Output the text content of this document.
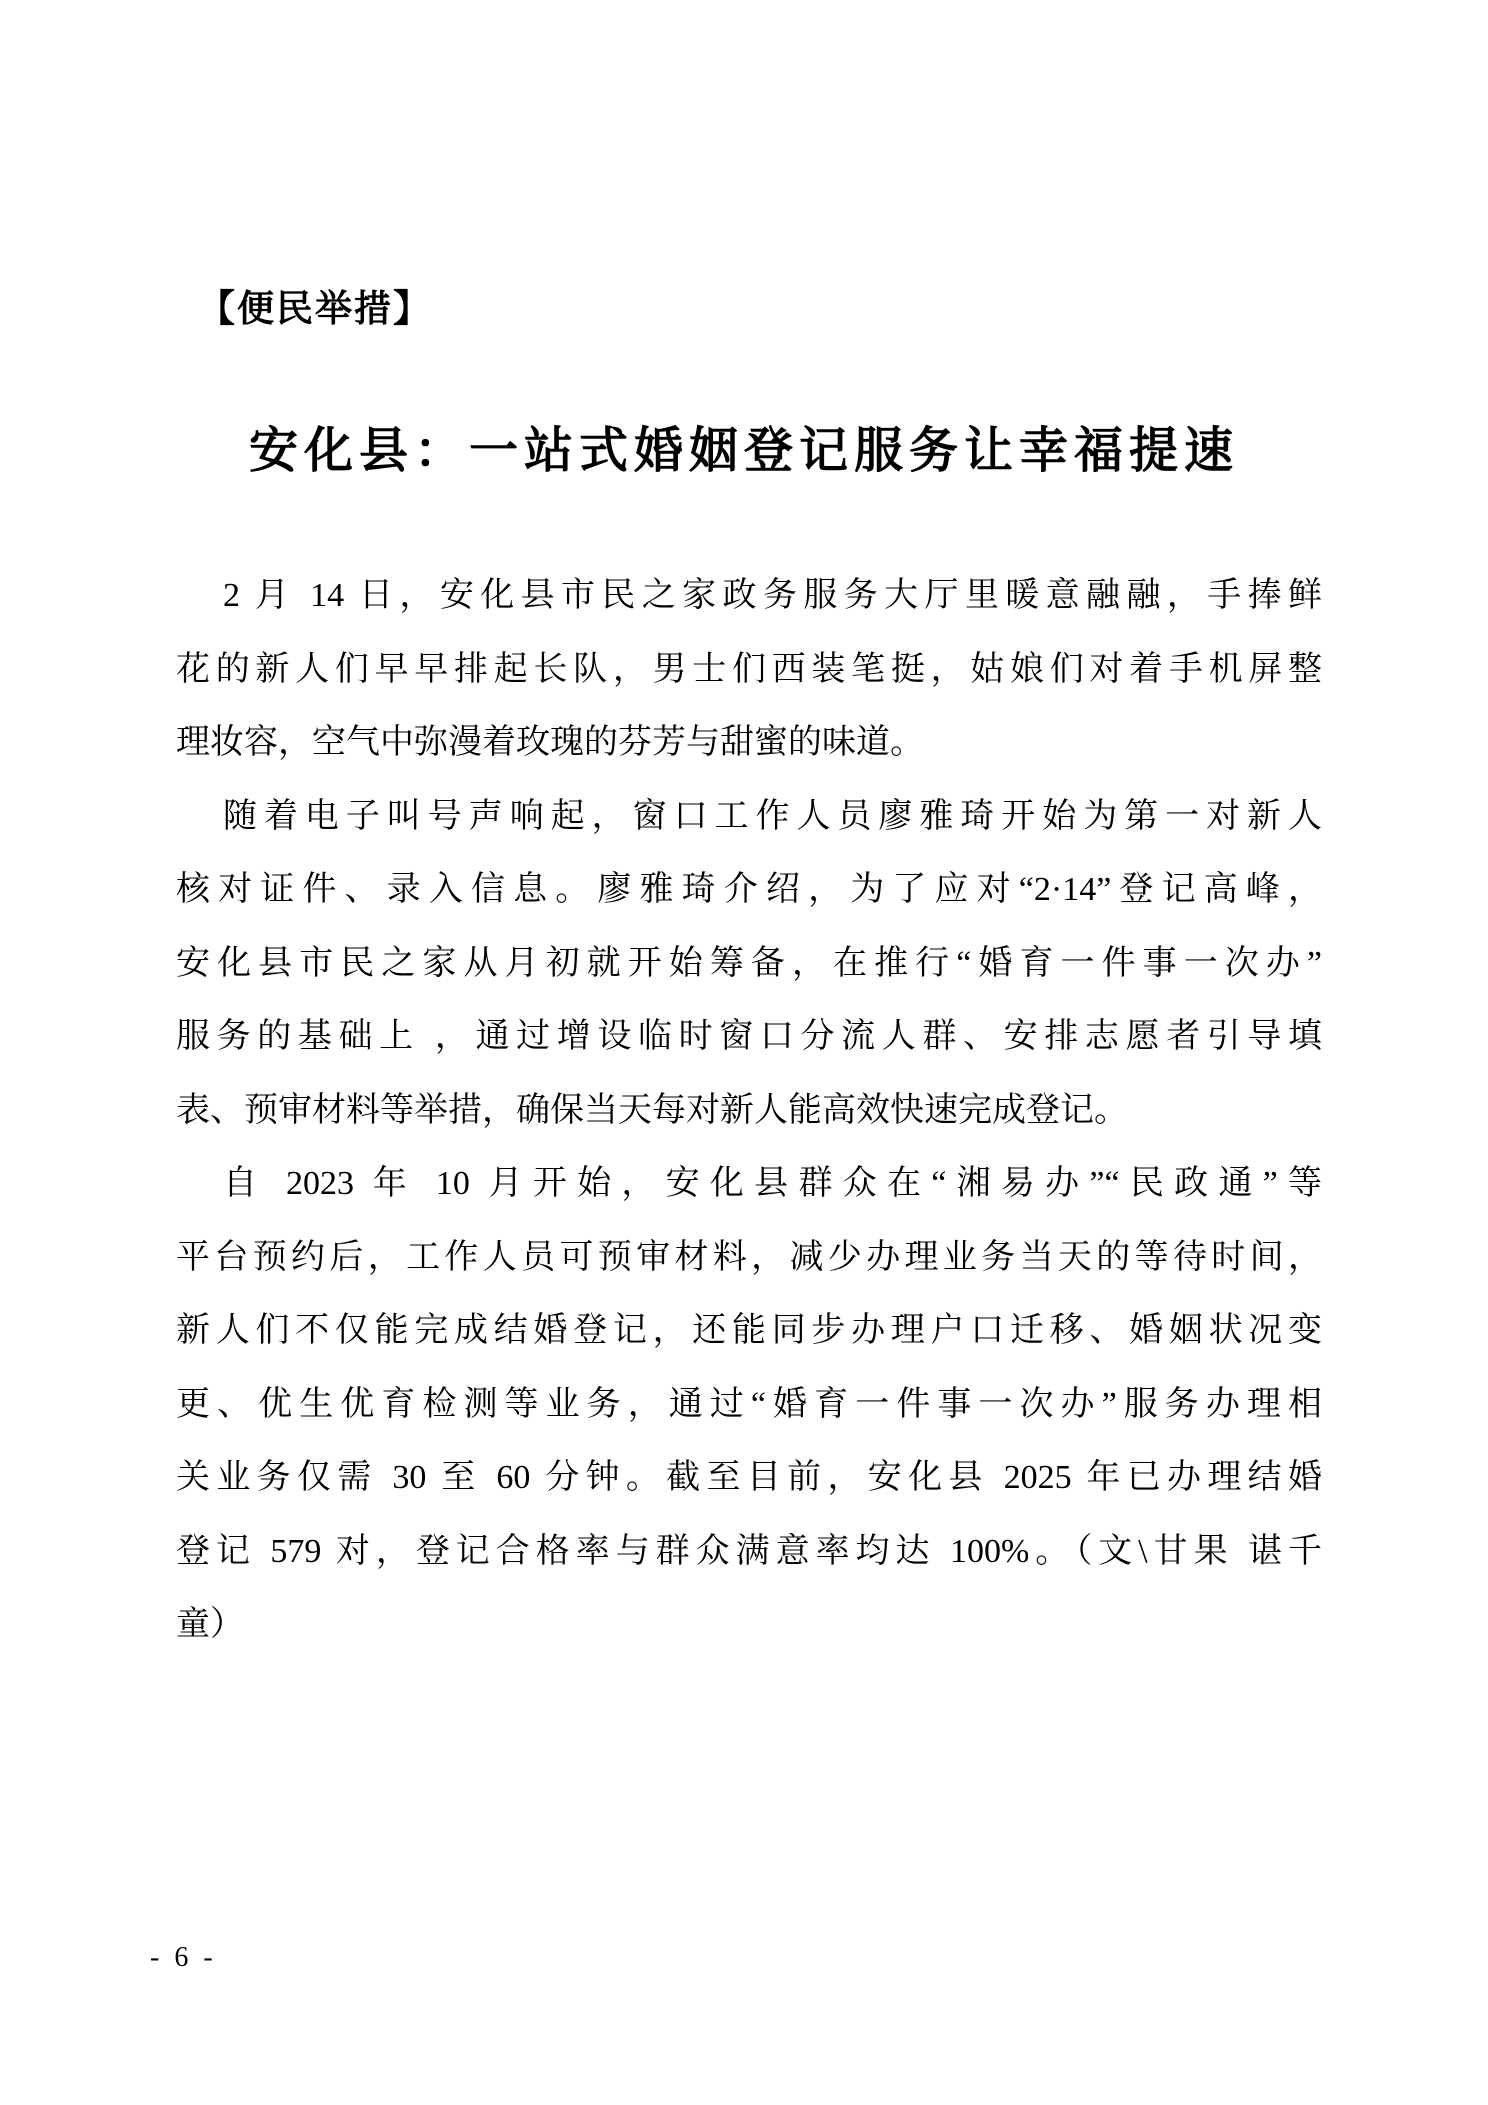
【便民举措】
安化县：一站式婚姻登记服务让幸福提速
2 月 14 日，安化县市民之家政务服务大厅里暖意融融，手捧鲜
花的新人们早早排起长队，男士们西装笔挺，姑娘们对着手机屏整
理妆容，空气中弥漫着玫瑰的芬芳与甜蜜的味道。
随着电子叫号声响起，窗口工作人员廖雅琦开始为第一对新人
核对证件、录入信息。廖雅琦介绍，为了应对“2·14”登记高峰，
安化县市民之家从月初就开始筹备，在推行“婚育一件事一次办”
服务的基础上 ，通过增设临时窗口分流人群、安排志愿者引导填
表、预审材料等举措，确保当天每对新人能高效快速完成登记。
自 2023 年 10 月开始，安化县群众在“湘易办”“民政通”等
平台预约后，工作人员可预审材料，减少办理业务当天的等待时间，
新人们不仅能完成结婚登记，还能同步办理户口迁移、婚姻状况变
更、优生优育检测等业务，通过“婚育一件事一次办”服务办理相
关业务仅需 30 至 60 分钟。截至目前，安化县 2025 年已办理结婚
登记 579 对，登记合格率与群众满意率均达 100%。（文\甘果 谌千
童）
- 6 -
